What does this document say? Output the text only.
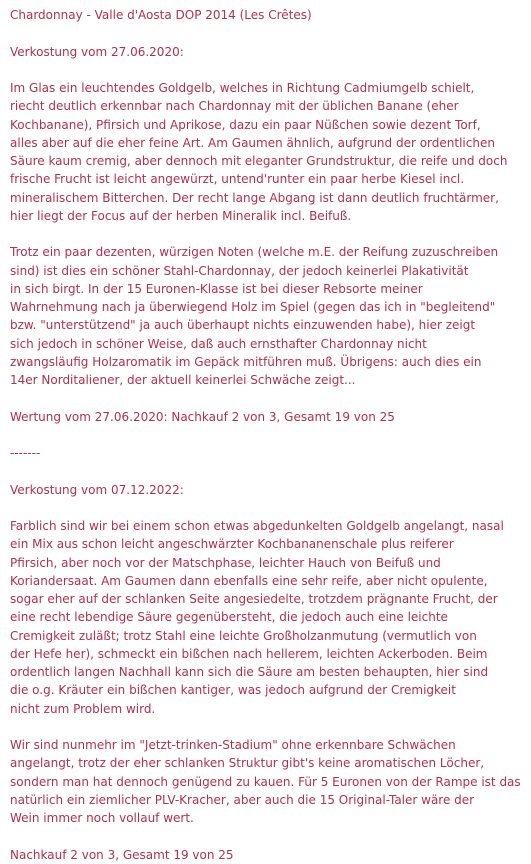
Chardonnay - Valle d'Aosta DOP 2014 (Les Crêtes)
Verkostung vom 27.06.2020:
Im Glas ein leuchtendes Goldgelb, welches in Richtung Cadmiumgelb schielt,
riecht deutlich erkennbar nach Chardonnay mit der üblichen Banane (eher
Kochbanane), Pfirsich und Aprikose, dazu ein paar Nüßchen sowie dezent Torf,
alles aber auf die eher feine Art. Am Gaumen ähnlich, aufgrund der ordentlichen
Säure kaum cremig, aber dennoch mit eleganter Grundstruktur, die reife und doch
frische Frucht ist leicht angewürzt, untend'runter ein paar herbe Kiesel incl.
mineralischem Bitterchen. Der recht lange Abgang ist dann deutlich fruchtärmer,
hier liegt der Focus auf der herben Mineralik incl. Beifuß.
Trotz ein paar dezenten, würzigen Noten (welche m.E. der Reifung zuzuschreiben
sind) ist dies ein schöner Stahl-Chardonnay, der jedoch keinerlei Plakativität
in sich birgt. In der 15 Euronen-Klasse ist bei dieser Rebsorte meiner
Wahrnehmung nach ja überwiegend Holz im Spiel (gegen das ich in "begleitend"
bzw. "unterstützend" ja auch überhaupt nichts einzuwenden habe), hier zeigt
sich jedoch in schöner Weise, daß auch ernsthafter Chardonnay nicht
zwangsläufig Holzaromatik im Gepäck mitführen muß. Übrigens: auch dies ein
14er Norditaliener, der aktuell keinerlei Schwäche zeigt...
Wertung vom 27.06.2020: Nachkauf 2 von 3, Gesamt 19 von 25
-------
Verkostung vom 07.12.2022:
Farblich sind wir bei einem schon etwas abgedunkelten Goldgelb angelangt, nasal
ein Mix aus schon leicht angeschwärzter Kochbananenschale plus reiferer
Pfirsich, aber noch vor der Matschphase, leichter Hauch von Beifuß und
Koriandersaat. Am Gaumen dann ebenfalls eine sehr reife, aber nicht opulente,
sogar eher auf der schlanken Seite angesiedelte, trotzdem prägnante Frucht, der
eine recht lebendige Säure gegenübersteht, die jedoch auch eine leichte
Cremigkeit zuläßt; trotz Stahl eine leichte Großholzanmutung (vermutlich von
der Hefe her), schmeckt ein bißchen nach hellerem, leichten Ackerboden. Beim
ordentlich langen Nachhall kann sich die Säure am besten behaupten, hier sind
die o.g. Kräuter ein bißchen kantiger, was jedoch aufgrund der Cremigkeit
nicht zum Problem wird.
Wir sind nunmehr im "Jetzt-trinken-Stadium" ohne erkennbare Schwächen
angelangt, trotz der eher schlanken Struktur gibt's keine aromatischen Löcher,
sondern man hat dennoch genügend zu kauen. Für 5 Euronen von der Rampe ist das
natürlich ein ziemlicher PLV-Kracher, aber auch die 15 Original-Taler wäre der
Wein immer noch vollauf wert.
Nachkauf 2 von 3, Gesamt 19 von 25
